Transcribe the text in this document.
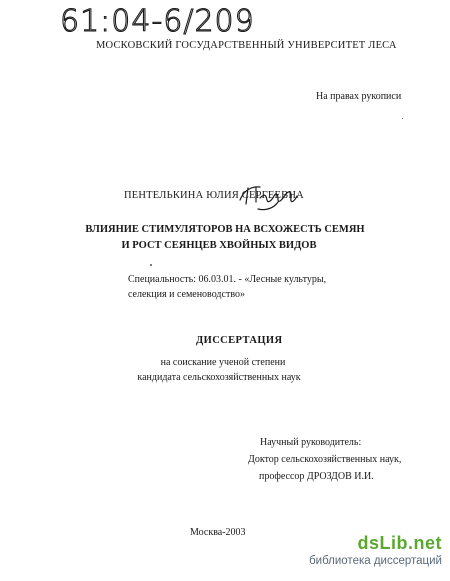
61:04-6/209
МОСКОВСКИЙ ГОСУДАРСТВЕННЫЙ УНИВЕРСИТЕТ ЛЕСА
На правах рукописи
ПЕНТЕЛЬКИНА ЮЛИЯ СЕРГЕЕВНА
ВЛИЯНИЕ СТИМУЛЯТОРОВ НА ВСХОЖЕСТЬ СЕМЯН
И РОСТ СЕЯНЦЕВ ХВОЙНЫХ ВИДОВ
Специальность: 06.03.01. - «Лесные культуры,
селекция и семеноводство»
ДИССЕРТАЦИЯ
на соискание ученой степени
кандидата сельскохозяйственных наук
Научный руководитель:
Доктор сельскохозяйственных наук,
профессор ДРОЗДОВ И.И.
Москва-2003
dsLib.net
библиотека диссертаций
